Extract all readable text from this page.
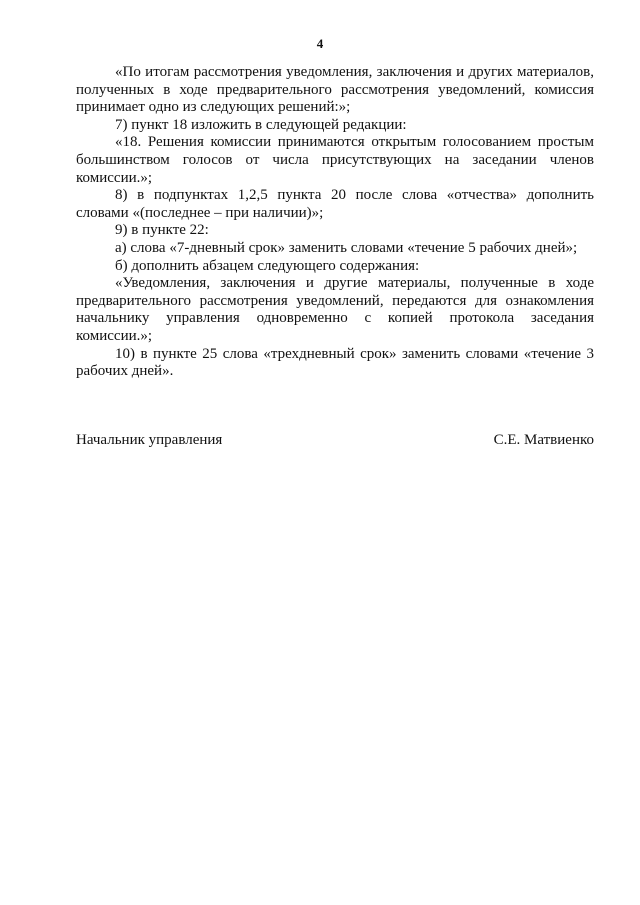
4

«По итогам рассмотрения уведомления, заключения и других материалов, полученных в ходе предварительного рассмотрения уведомлений, комиссия принимает одно из следующих решений:»;

7) пункт 18 изложить в следующей редакции:

«18. Решения комиссии принимаются открытым голосованием простым большинством голосов от числа присутствующих на заседании членов комиссии.»;

8) в подпунктах 1,2,5 пункта 20 после слова «отчества» дополнить словами «(последнее – при наличии)»;

9) в пункте 22:

а) слова «7-дневный срок» заменить словами «течение 5 рабочих дней»;

б) дополнить абзацем следующего содержания:

«Уведомления, заключения и другие материалы, полученные в ходе предварительного рассмотрения уведомлений, передаются для ознакомления начальнику управления одновременно с копией протокола заседания комиссии.»;

10) в пункте 25 слова «трехдневный срок» заменить словами «течение 3 рабочих дней».

Начальник управления	С.Е. Матвиенко
